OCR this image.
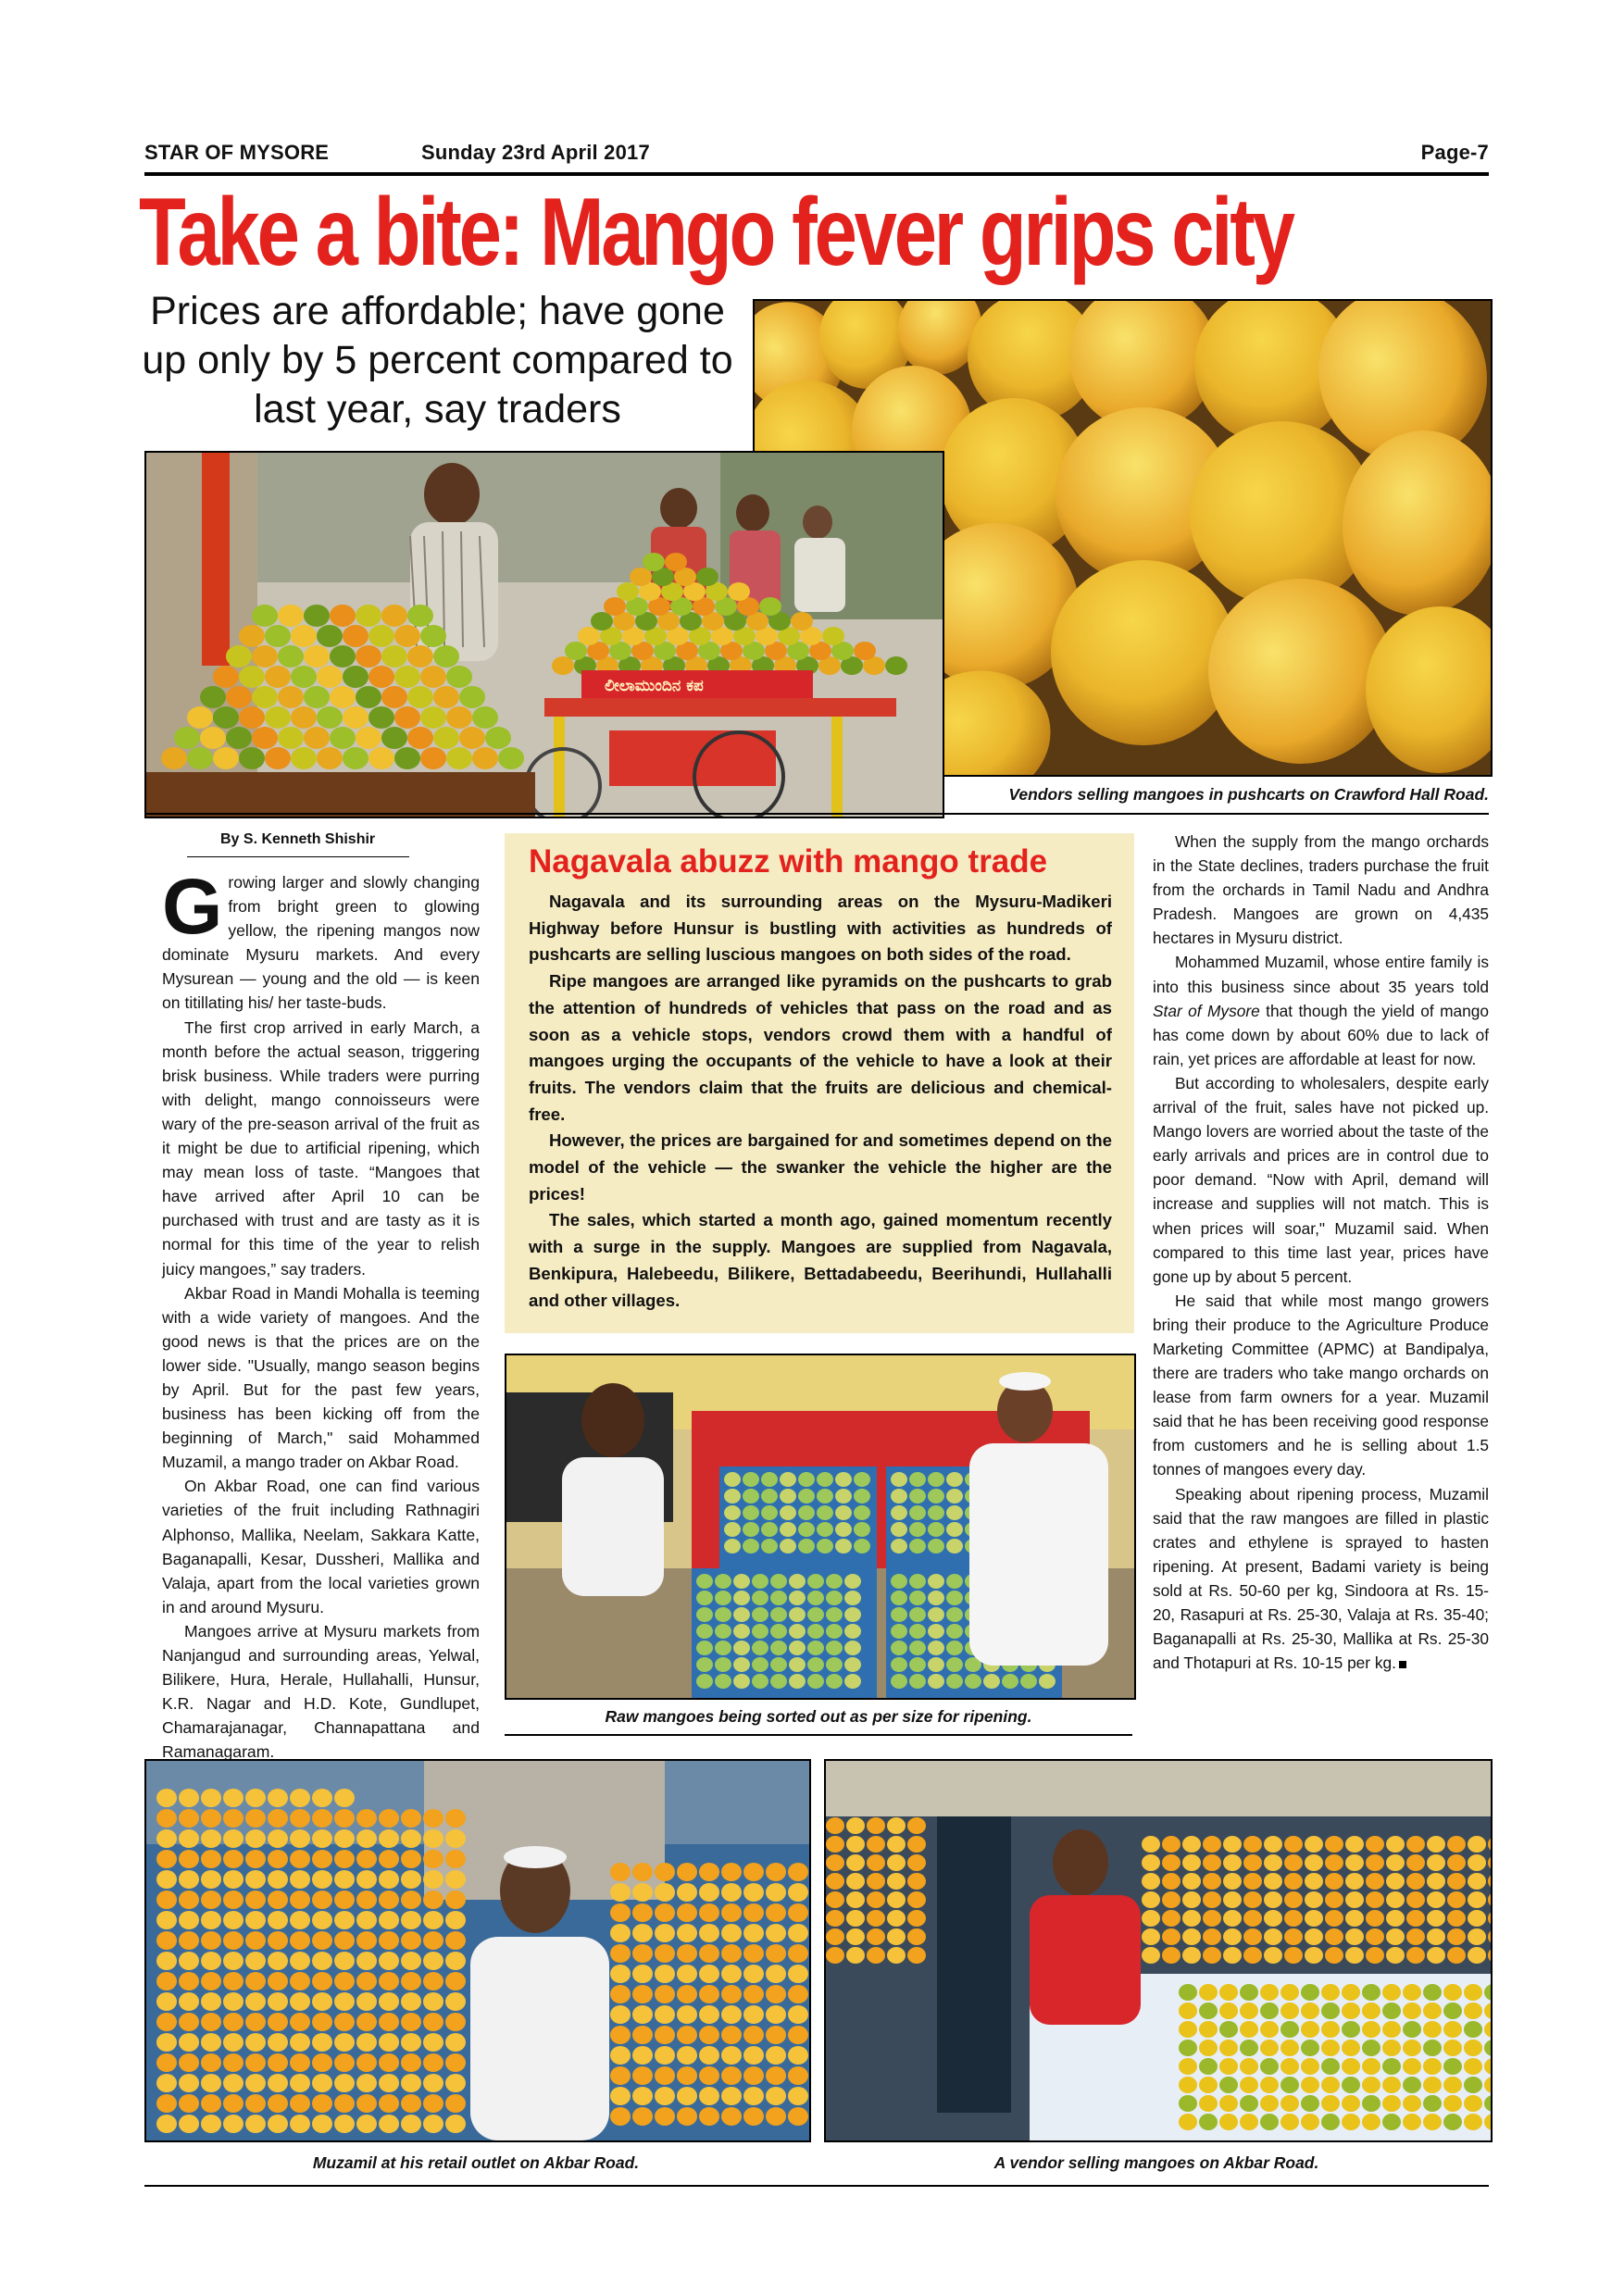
STAR OF MYSORE	Sunday 23rd April 2017	Page-7
Take a bite: Mango fever grips city
Prices are affordable; have gone up only by 5 percent compared to last year, say traders
ಲೀಲಾಮುಂದಿನ ಕಪ
Vendors selling mangoes in pushcarts on Crawford Hall Road.
By S. Kenneth Shishir

Growing larger and slowly changing from bright green to glowing yellow, the ripening mangos now dominate Mysuru markets. And every Mysurean — young and the old — is keen on titillating his/ her taste-buds.

The first crop arrived in early March, a month before the actual season, triggering brisk business. While traders were purring with delight, mango connoisseurs were wary of the pre-season arrival of the fruit as it might be due to artificial ripening, which may mean loss of taste. “Mangoes that have arrived after April 10 can be purchased with trust and are tasty as it is normal for this time of the year to relish juicy mangoes,” say traders.

Akbar Road in Mandi Mohalla is teeming with a wide variety of mangoes. And the good news is that the prices are on the lower side. "Usually, mango season begins by April. But for the past few years, business has been kicking off from the beginning of March," said Mohammed Muzamil, a mango trader on Akbar Road.

On Akbar Road, one can find various varieties of the fruit including Rathnagiri Alphonso, Mallika, Neelam, Sakkara Katte, Baganapalli, Kesar, Dussheri, Mallika and Valaja, apart from the local varieties grown in and around Mysuru.

Mangoes arrive at Mysuru markets from Nanjangud and surrounding areas, Yelwal, Bilikere, Hura, Herale, Hullahalli, Hunsur, K.R. Nagar and H.D. Kote, Gundlupet, Chamarajanagar, Channapattana and Ramanagaram.

Nagavala abuzz with mango trade

Nagavala and its surrounding areas on the Mysuru-Madikeri Highway before Hunsur is bustling with activities as hundreds of pushcarts are selling luscious mangoes on both sides of the road.

Ripe mangoes are arranged like pyramids on the pushcarts to grab the attention of hundreds of vehicles that pass on the road and as soon as a vehicle stops, vendors crowd them with a handful of mangoes urging the occupants of the vehicle to have a look at their fruits. The vendors claim that the fruits are delicious and chemical-free.

However, the prices are bargained for and sometimes depend on the model of the vehicle — the swanker the vehicle the higher are the prices!

The sales, which started a month ago, gained momentum recently with a surge in the supply. Mangoes are supplied from Nagavala, Benkipura, Halebeedu, Bilikere, Bettadabeedu, Beerihundi, Hullahalli and other villages.

Raw mangoes being sorted out as per size for ripening.

When the supply from the mango orchards in the State declines, traders purchase the fruit from the orchards in Tamil Nadu and Andhra Pradesh. Mangoes are grown on 4,435 hectares in Mysuru district.

Mohammed Muzamil, whose entire family is into this business since about 35 years told Star of Mysore that though the yield of mango has come down by about 60% due to lack of rain, yet prices are affordable at least for now.

But according to wholesalers, despite early arrival of the fruit, sales have not picked up. Mango lovers are worried about the taste of the early arrivals and prices are in control due to poor demand. “Now with April, demand will increase and supplies will not match. This is when prices will soar," Muzamil said. When compared to this time last year, prices have gone up by about 5 percent.

He said that while most mango growers bring their produce to the Agriculture Produce Marketing Committee (APMC) at Bandipalya, there are traders who take mango orchards on lease from farm owners for a year. Muzamil said that he has been receiving good response from customers and he is selling about 1.5 tonnes of mangoes every day.

Speaking about ripening process, Muzamil said that the raw mangoes are filled in plastic crates and ethylene is sprayed to hasten ripening. At present, Badami variety is being sold at Rs. 50-60 per kg, Sindoora at Rs. 15-20, Rasapuri at Rs. 25-30, Valaja at Rs. 35-40; Baganapalli at Rs. 25-30, Mallika at Rs. 25-30 and Thotapuri at Rs. 10-15 per kg.

Muzamil at his retail outlet on Akbar Road.	A vendor selling mangoes on Akbar Road.
